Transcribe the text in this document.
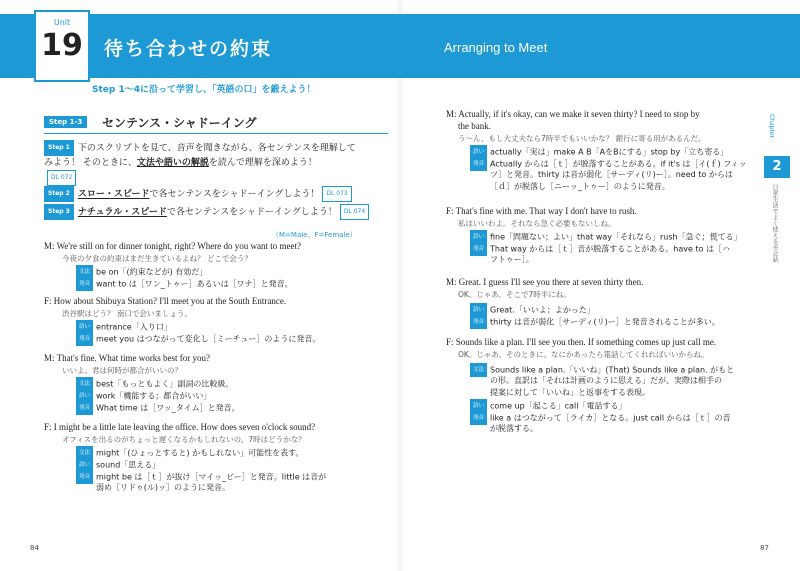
待ち合わせの約束	Arranging to Meet
Unit
19
Step 1〜4に沿って学習し、「英語の口」を鍛えよう！
Step 1-3	センテンス・シャドーイング
Step 1 下のスクリプトを見て、音声を聞きながら、各センテンスを理解して
みよう！ そのときに、文法や語いの解説を読んで理解を深めよう！
DL 072
Step 2 スロー・スピードで各センテンスをシャドーイングしよう！ DL 073
Step 3 ナチュラル・スピードで各センテンスをシャドーイングしよう！ DL 074
（M=Male、F=Female）
M: We're still on for dinner tonight, right? Where do you want to meet?
今夜の夕食の約束はまだ生きているよね？ どこで会う？
文法 be on「(約束などが) 有効だ」
発音 want to は［ワン_トゥー］あるいは［ワナ］と発音。
F: How about Shibuya Station? I'll meet you at the South Entrance.
渋谷駅はどう？ 南口で会いましょう。
語い entrance「入り口」
発音 meet you はつながって変化し［ミーチュー］のように発音。
M: That's fine. What time works best for you?
いいよ。君は何時が都合がいいの？
文法 best「もっともよく」副詞の比較級。
語い work「機能する；都合がいい」
発音 What time は［ワッ_タイム］と発音。
F: I might be a little late leaving the office. How does seven o'clock sound?
オフィスを出るのがちょっと遅くなるかもしれないの。7時はどうかな？
文法 might「(ひょっとすると) かもしれない」可能性を表す。
語い sound「思える」
発音 might be は［ｔ］が抜け［マイッ_ビー］と発音。little は音が
弱め［リドゥ(ル)ッ］のように発音。
M: Actually, if it's okay, can we make it seven thirty? I need to stop by
the bank.
う〜ん、もし大丈夫なら7時半でもいいかな？ 銀行に寄る用があるんだ。
語い actually「実は」make A B「AをBにする」stop by「立ち寄る」
発音 Actually からは［ｔ］が脱落することがある。if it's は［イ(ｆ) フィッ
ツ］と発音。thirty は音が弱化［サーディ(リ)ー］。need to からは
［ｄ］が脱落し［ニーッ_トゥー］のように発音。
F: That's fine with me. That way I don't have to rush.
私はいいわよ。それなら急ぐ必要もないしね。
語い fine「問題ない；よい」that way「それなら」rush「急ぐ；慌てる」
発音 That way からは［ｔ］音が脱落することがある。have to は［ハ
フトゥー］。
M: Great. I guess I'll see you there at seven thirty then.
OK。じゃあ、そこで7時半にね。
語い Great.「いいよ；よかった」
発音 thirty は音が弱化［サーディ(リ)ー］と発音されることが多い。
F: Sounds like a plan. I'll see you then. If something comes up just call me.
OK。じゃあ、そのときに。なにかあったら電話してくれればいいからね。
文法 Sounds like a plan.「いいね」(That) Sounds like a plan. がもと
の形。直訳は「それは計画のように思える」だが、実際は相手の
提案に対して「いいね」と返事をする表現。
語い come up「起こる」call「電話する」
発音 like a はつながって［ライカ］となる。just call からは［ｔ］の音
が脱落する。
Chapter
2
日常生活でよく使える英会話
84	87
